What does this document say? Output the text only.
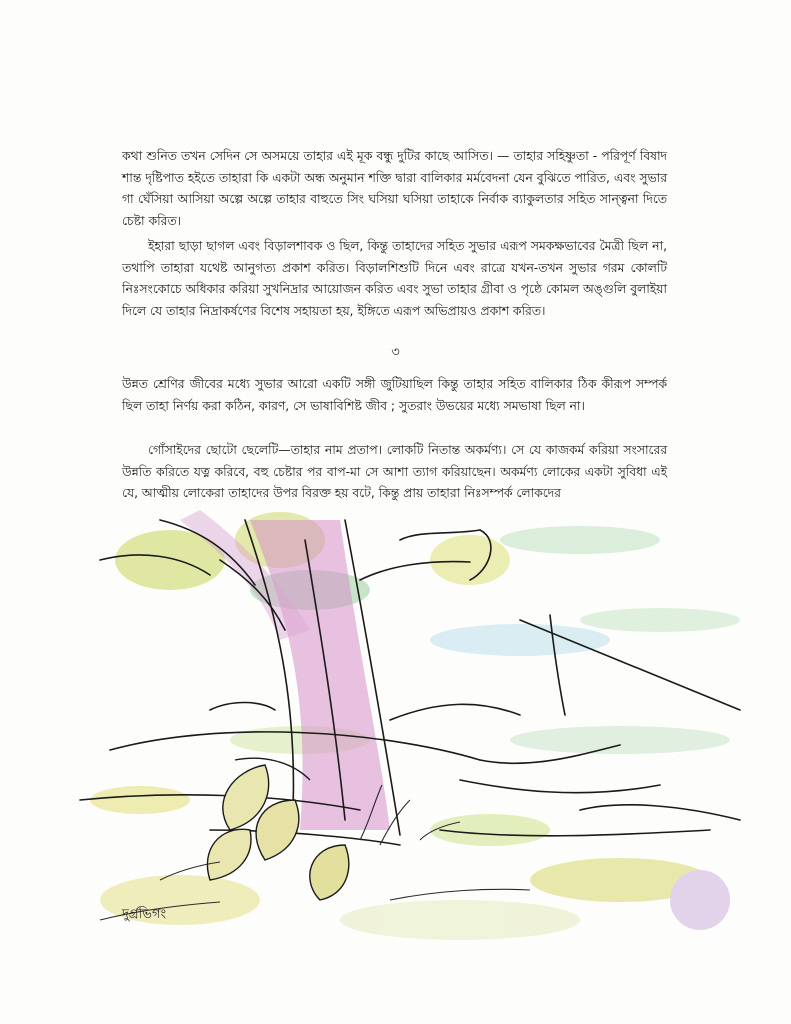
কথা শুনিত তখন সেদিন সে অসময়ে তাহার এই মূক বন্ধু দুটির কাছে আসিত। — তাহার সহিষ্ণুতা - পরিপূর্ণ বিষাদ শান্ত দৃষ্টিপাত হইতে তাহারা কি একটা অন্ধ অনুমান শক্তি দ্বারা বালিকার মর্মবেদনা যেন বুঝিতে পারিত, এবং সুভার গা ঘেঁসিয়া আসিয়া অল্পে অল্পে তাহার বাহুতে সিং ঘসিয়া ঘসিয়া তাহাকে নির্বাক ব্যাকুলতার সহিত সান্ত্বনা দিতে চেষ্টা করিত।

ইহারা ছাড়া ছাগল এবং বিড়ালশাবক ও ছিল, কিন্তু তাহাদের সহিত সুভার এরূপ সমকক্ষভাবের মৈত্রী ছিল না, তথাপি তাহারা যথেষ্ট আনুগত্য প্রকাশ করিত। বিড়ালশিশুটি দিনে এবং রাত্রে যখন-তখন সুভার গরম কোলটি নিঃসংকোচে অধিকার করিয়া সুখনিদ্রার আয়োজন করিত এবং সুভা তাহার গ্রীবা ও পৃষ্ঠে কোমল অঙ্গুলি বুলাইয়া দিলে যে তাহার নিদ্রাকর্ষণের বিশেষ সহায়তা হয়, ইঙ্গিতে এরূপ অভিপ্রায়ও প্রকাশ করিত।

৩

উন্নত শ্রেণির জীবের মধ্যে সুভার আরো একটি সঙ্গী জুটিয়াছিল কিন্তু তাহার সহিত বালিকার ঠিক কীরূপ সম্পর্ক ছিল তাহা নির্ণয় করা কঠিন, কারণ, সে ভাষাবিশিষ্ট জীব ; সুতরাং উভয়ের মধ্যে সমভাষা ছিল না।

গোঁসাইদের ছোটো ছেলেটি—তাহার নাম প্রতাপ। লোকটি নিতান্ত অকর্মণ্য। সে যে কাজকর্ম করিয়া সংসারের উন্নতি করিতে যত্ন করিবে, বহু চেষ্টার পর বাপ-মা সে আশা ত্যাগ করিয়াছেন। অকর্মণ্য লোকের একটা সুবিধা এই যে, আত্মীয় লোকেরা তাহাদের উপর বিরক্ত হয় বটে, কিন্তু প্রায় তাহারা নিঃসম্পর্ক লোকদের

দুর্গ্রভিগং
